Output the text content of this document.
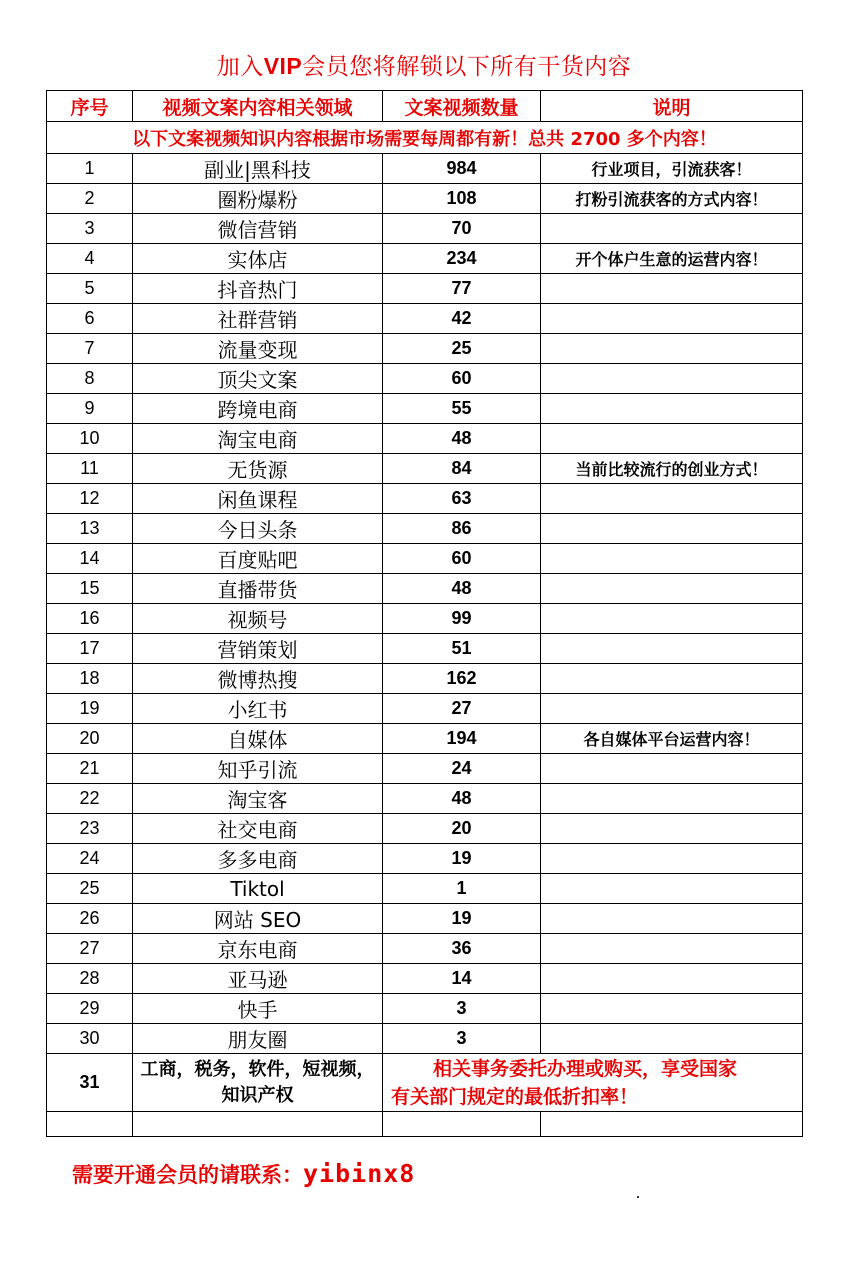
加入VIP会员您将解锁以下所有干货内容
序号	视频文案内容相关领域	文案视频数量	说明
以下文案视频知识内容根据市场需要每周都有新！总共 2700 多个内容！			
1	副业|黑科技	984	行业项目，引流获客！
2	圈粉爆粉	108	打粉引流获客的方式内容！
3	微信营销	70	
4	实体店	234	开个体户生意的运营内容！
5	抖音热门	77	
6	社群营销	42	
7	流量变现	25	
8	顶尖文案	60	
9	跨境电商	55	
10	淘宝电商	48	
11	无货源	84	当前比较流行的创业方式！
12	闲鱼课程	63	
13	今日头条	86	
14	百度贴吧	60	
15	直播带货	48	
16	视频号	99	
17	营销策划	51	
18	微博热搜	162	
19	小红书	27	
20	自媒体	194	各自媒体平台运营内容！
21	知乎引流	24	
22	淘宝客	48	
23	社交电商	20	
24	多多电商	19	
25	Tiktol	1	
26	网站 SEO	19	
27	京东电商	36	
28	亚马逊	14	
29	快手	3	
30	朋友圈	3	
31	工商，税务，软件，短视频，知识产权	相关事务委托办理或购买，享受国家
有关部门规定的最低折扣率！	

需要开通会员的请联系：yibinx8
